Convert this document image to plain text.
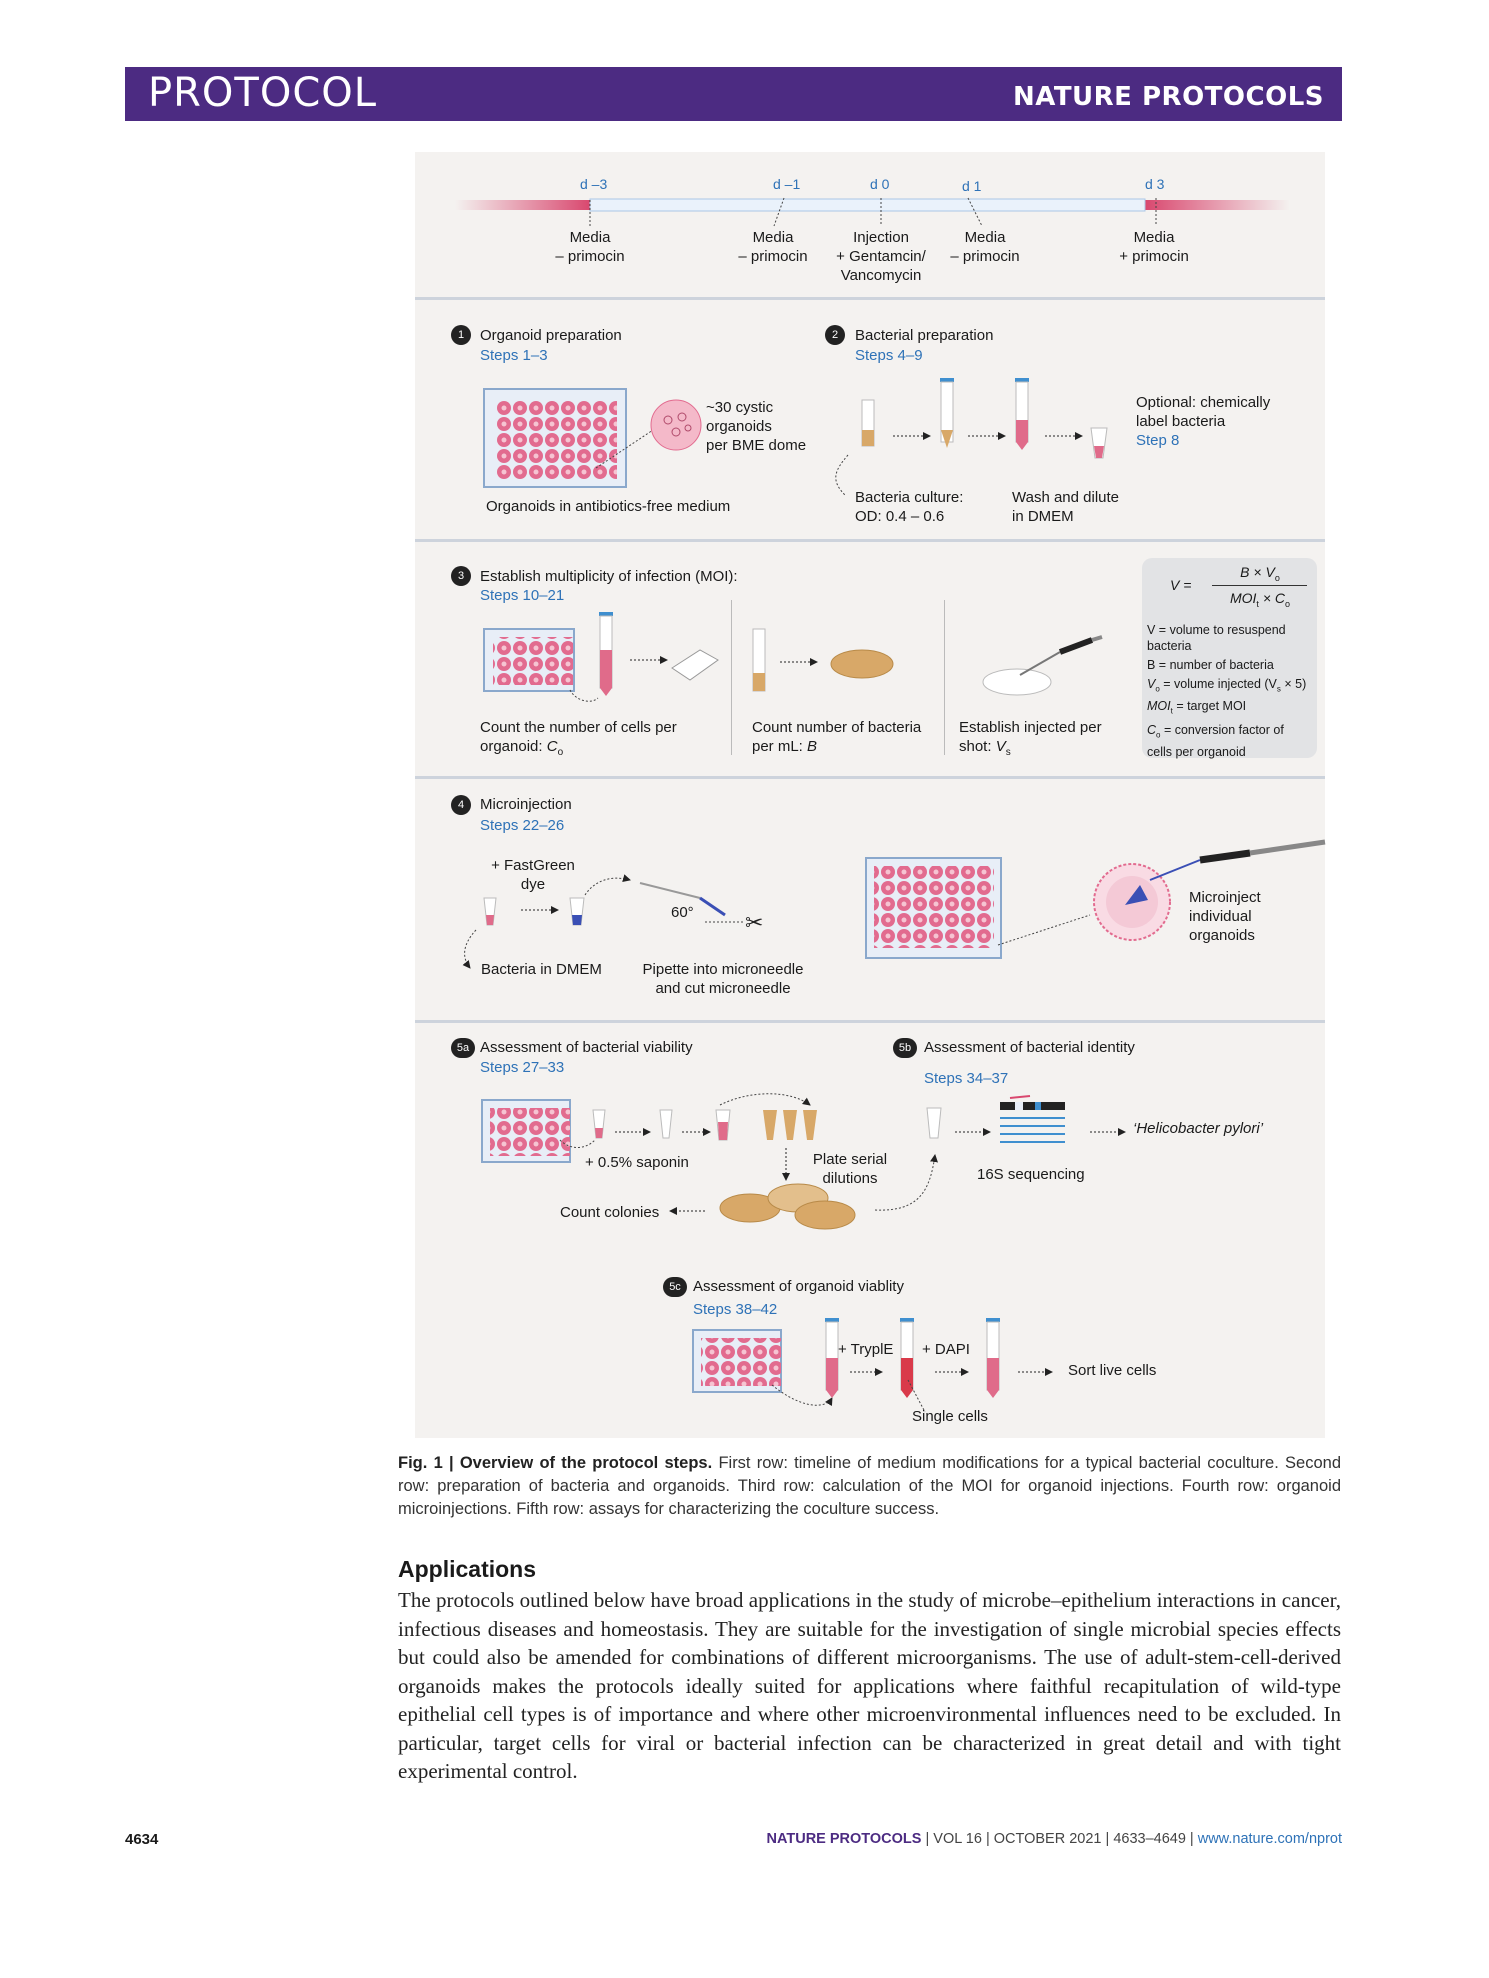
PROTOCOL	NATURE PROTOCOLS
✂
d –3	d –1	d 0	d 1	d 3
Media
– primocin
Media
– primocin
Injection
+ Gentamcin/
Vancomycin
Media
– primocin
Media
+ primocin
1	Organoid preparation
Steps 1–3
~30 cystic
organoids
per BME dome
Organoids in antibiotics-free medium
2	Bacterial preparation
Steps 4–9
Bacteria culture:
OD: 0.4 – 0.6
Wash and dilute
in DMEM
Optional: chemically
label bacteria
Step 8
3	Establish multiplicity of infection (MOI):
Steps 10–21
Count the number of cells per
organoid: $C_o$
Count number of bacteria
per mL: B
Establish injected per
shot: $V_s$
V =
$B \times V_o$
$MOI_t \times C_o$
V = volume to resuspend
bacteria
B = number of bacteria
$V_o$ = volume injected $(V_s \times 5)$
$MOI_t$ = target MOI
$C_o$ = conversion factor of
cells per organoid
4	Microinjection
Steps 22–26
+ FastGreen
dye
60°
Bacteria in DMEM	Pipette into microneedle
and cut microneedle
Microinject
individual
organoids
5a Assessment of bacterial viability
Steps 27–33
+ 0.5% saponin	Plate serial
dilutions
Count colonies
5b Assessment of bacterial identity
Steps 34–37
16S sequencing
‘Helicobacter pylori’
5c Assessment of organoid viablity
Steps 38–42
+ TryplE + DAPI
Sort live cells
Single cells
Fig. 1 | Overview of the protocol steps. First row: timeline of medium modifications for a typical bacterial coculture. Second row: preparation of bacteria and organoids. Third row: calculation of the MOI for organoid injections. Fourth row: organoid microinjections. Fifth row: assays for characterizing the coculture success.
Applications
The protocols outlined below have broad applications in the study of microbe–epithelium interactions in cancer, infectious diseases and homeostasis. They are suitable for the investigation of single microbial species effects but could also be amended for combinations of different microorganisms. The use of adult-stem-cell-derived organoids makes the protocols ideally suited for applications where faithful recapitulation of wild-type epithelial cell types is of importance and where other microenvironmental influences need to be excluded. In particular, target cells for viral or bacterial infection can be characterized in great detail and with tight experimental control.
4634	NATURE PROTOCOLS | VOL 16 | OCTOBER 2021 | 4633–4649 | www.nature.com/nprot
